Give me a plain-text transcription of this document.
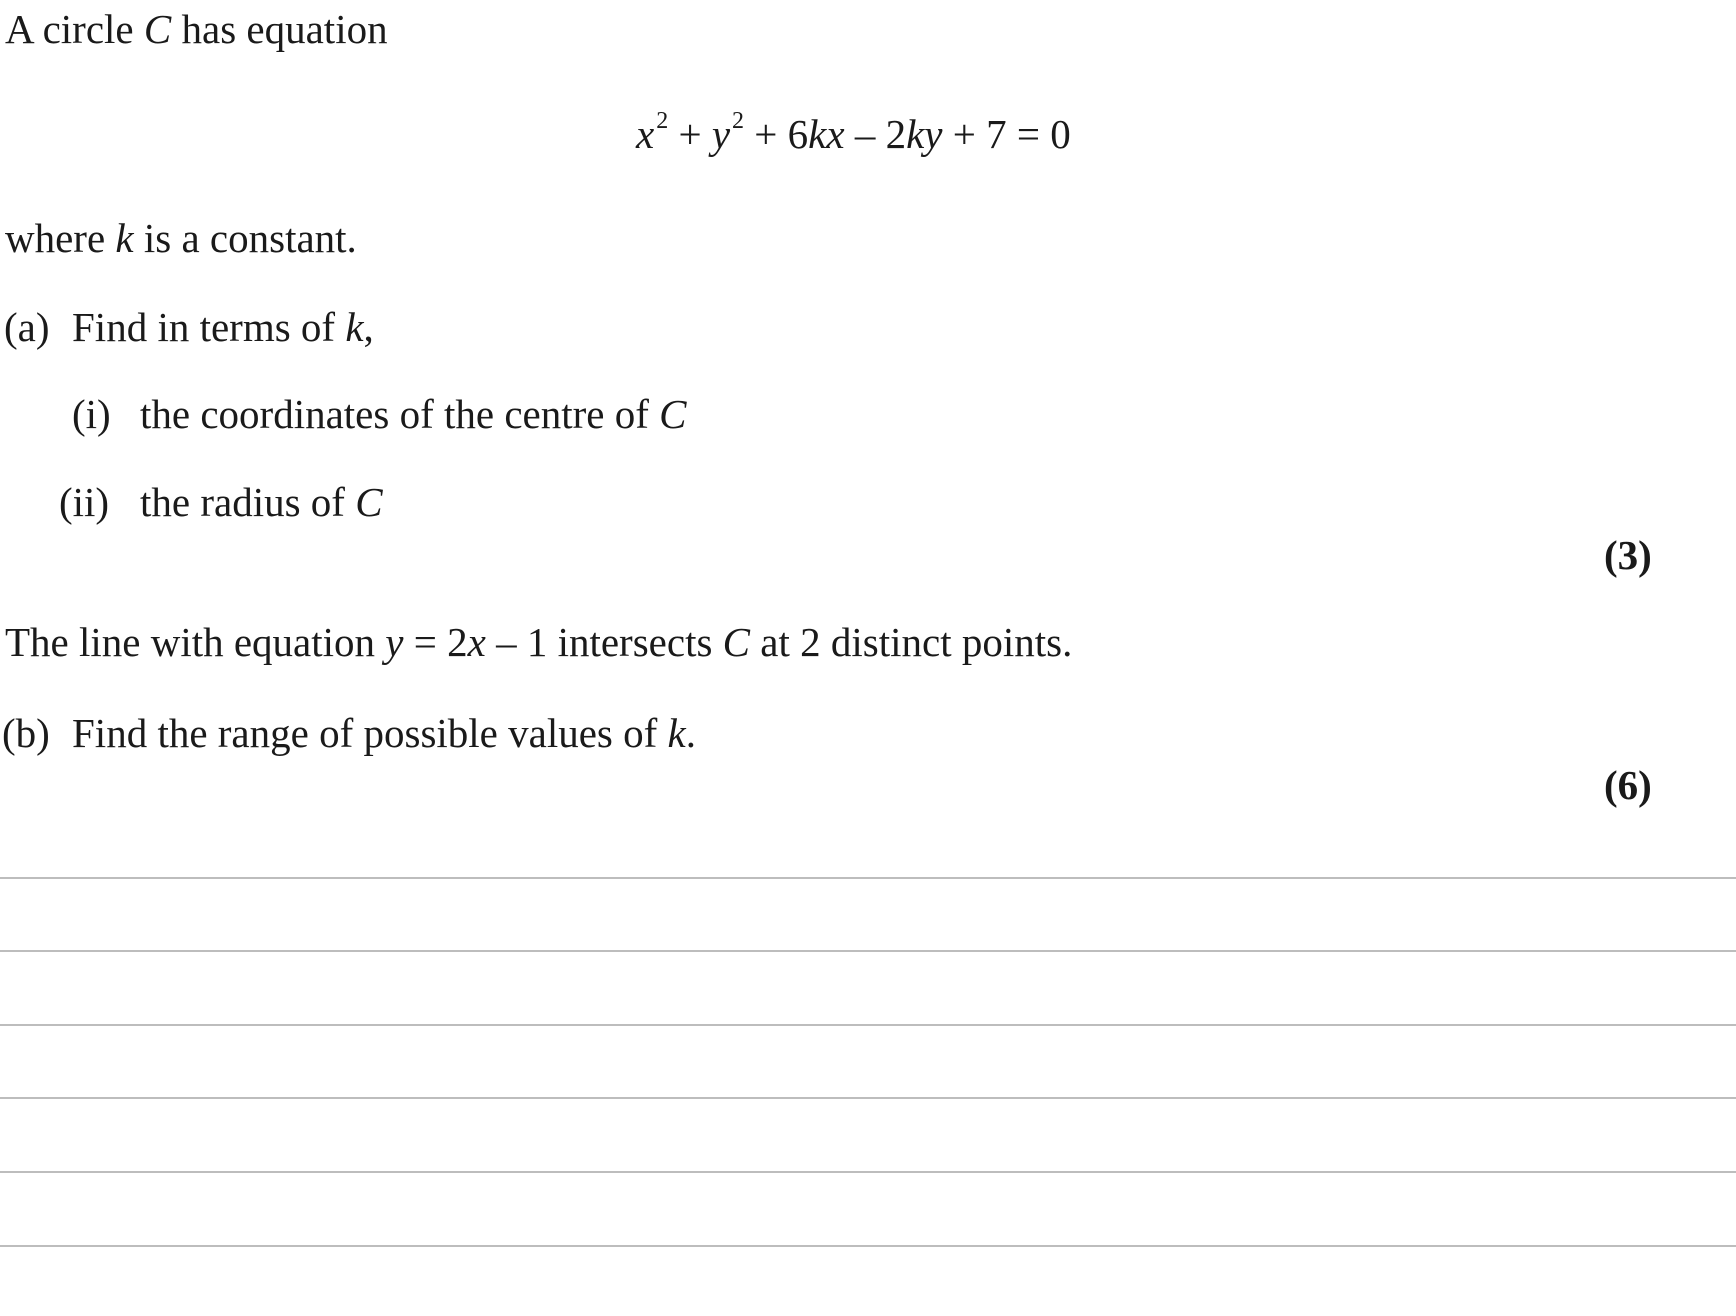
A circle C has equation
$x^2 + y^2 + 6kx - 2ky + 7 = 0$
where k is a constant.
(a) Find in terms of k,
(i) the coordinates of the centre of C
(ii) the radius of C
(3)
The line with equation y = 2x – 1 intersects C at 2 distinct points.
(b) Find the range of possible values of k.
(6)
